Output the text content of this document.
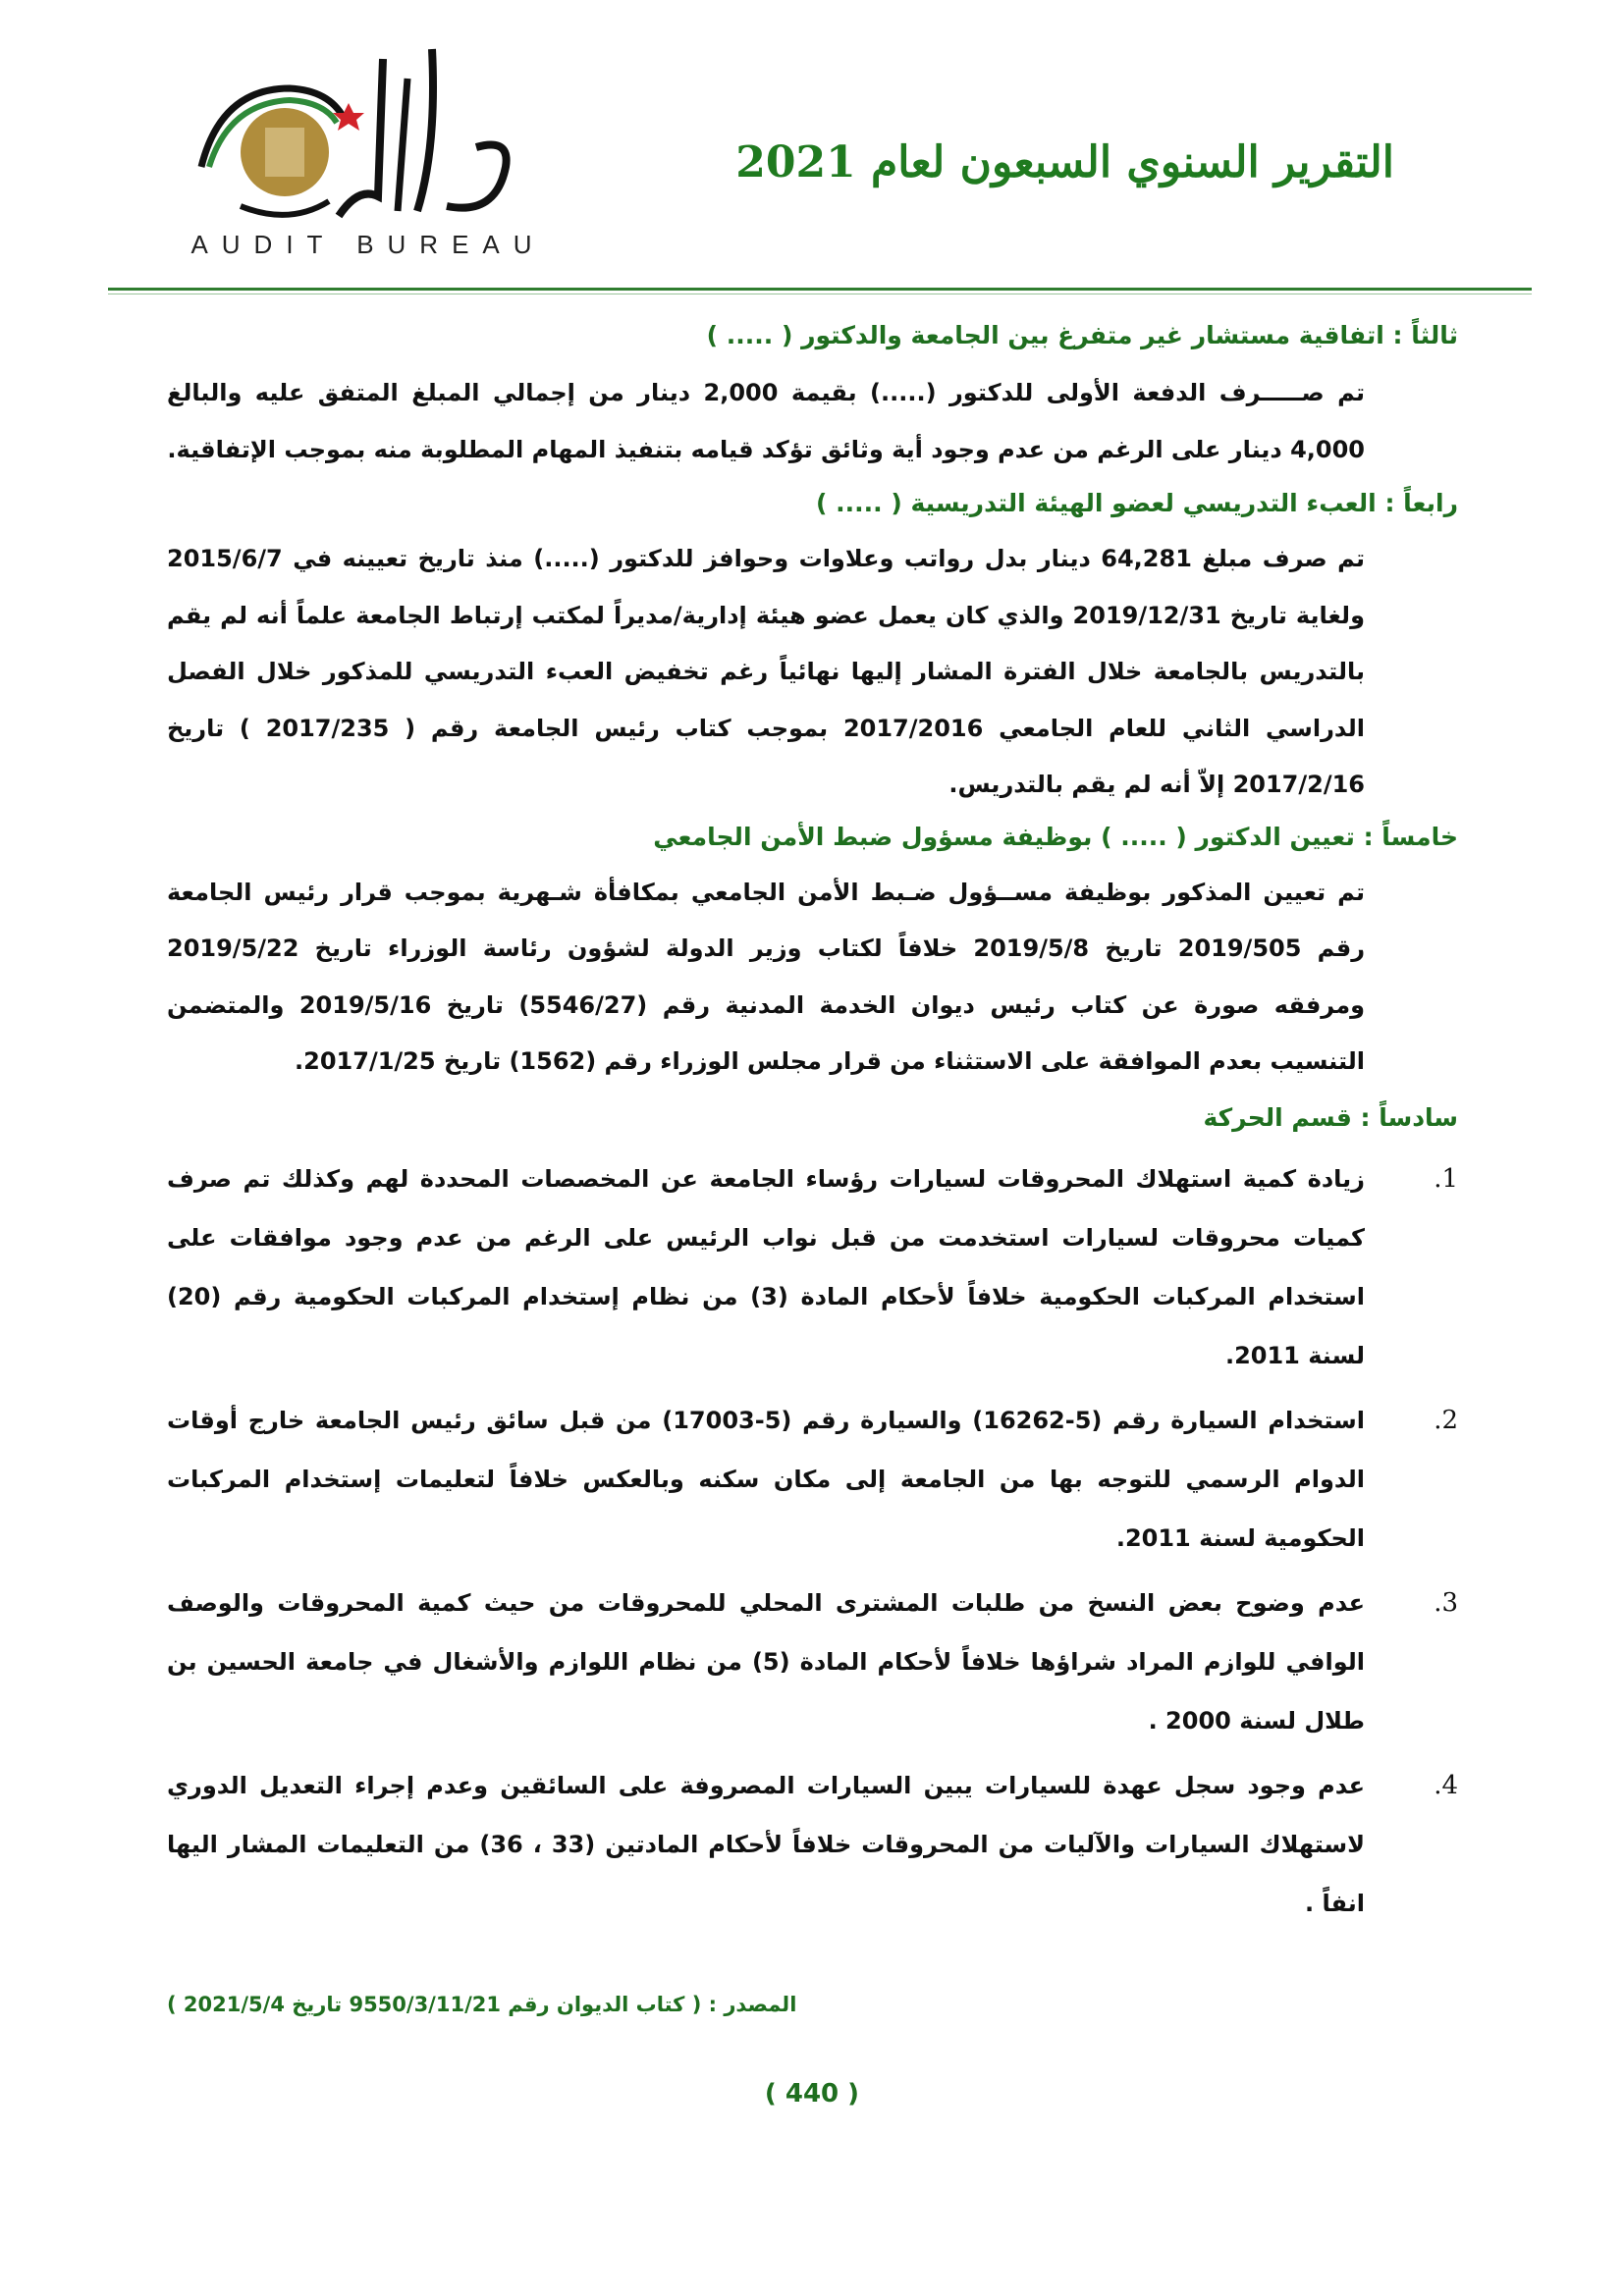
AUDIT BUREAU
التقرير السنوي السبعون لعام 2021
ثالثاً : اتفاقية مستشار غير متفرغ بين الجامعة والدكتور ( ..... )

تم صـــــرف الدفعة الأولى للدكتور (.....) بقيمة 2,000 دينار من إجمالي المبلغ المتفق عليه والبالغ 4,000 دينار على الرغم من عدم وجود أية وثائق تؤكد قيامه بتنفيذ المهام المطلوبة منه بموجب الإتفاقية.

رابعاً : العبء التدريسي لعضو الهيئة التدريسية ( ..... )

تم صرف مبلغ 64,281 دينار بدل رواتب وعلاوات وحوافز للدكتور (.....) منذ تاريخ تعيينه في 2015/6/7 ولغاية تاريخ 2019/12/31 والذي كان يعمل عضو هيئة إدارية/مديراً لمكتب إرتباط الجامعة علماً أنه لم يقم بالتدريس بالجامعة خلال الفترة المشار إليها نهائياً رغم تخفيض العبء التدريسي للمذكور خلال الفصل الدراسي الثاني للعام الجامعي 2017/2016 بموجب كتاب رئيس الجامعة رقم ( 2017/235 ) تاريخ 2017/2/16 إلاّ أنه لم يقم بالتدريس.

خامساً : تعيين الدكتور ( ..... ) بوظيفة مسؤول ضبط الأمن الجامعي

تم تعيين المذكور بوظيفة مســؤول ضـبط الأمن الجامعي بمكافأة شـهرية بموجب قرار رئيس الجامعة رقم 2019/505 تاريخ 2019/5/8 خلافاً لكتاب وزير الدولة لشؤون رئاسة الوزراء تاريخ 2019/5/22 ومرفقه صورة عن كتاب رئيس ديوان الخدمة المدنية رقم (5546/27) تاريخ 2019/5/16 والمتضمن التنسيب بعدم الموافقة على الاستثناء من قرار مجلس الوزراء رقم (1562) تاريخ 2017/1/25.

سادساً : قسم الحركة
1.
زيادة كمية استهلاك المحروقات لسيارات رؤساء الجامعة عن المخصصات المحددة لهم وكذلك تم صرف كميات محروقات لسيارات استخدمت من قبل نواب الرئيس على الرغم من عدم وجود موافقات على استخدام المركبات الحكومية خلافاً لأحكام المادة (3) من نظام إستخدام المركبات الحكومية رقم (20) لسنة 2011.
2.
استخدام السيارة رقم (5-16262) والسيارة رقم (5-17003) من قبل سائق رئيس الجامعة خارج أوقات الدوام الرسمي للتوجه بها من الجامعة إلى مكان سكنه وبالعكس خلافاً لتعليمات إستخدام المركبات الحكومية لسنة 2011.
3.
عدم وضوح بعض النسخ من طلبات المشترى المحلي للمحروقات من حيث كمية المحروقات والوصف الوافي للوازم المراد شراؤها خلافاً لأحكام المادة (5) من نظام اللوازم والأشغال في جامعة الحسين بن طلال لسنة 2000 .
4.
عدم وجود سجل عهدة للسيارات يبين السيارات المصروفة على السائقين وعدم إجراء التعديل الدوري لاستهلاك السيارات والآليات من المحروقات خلافاً لأحكام المادتين (33 ، 36) من التعليمات المشار اليها انفاً .
المصدر : ( كتاب الديوان رقم 9550/3/11/21 تاريخ 2021/5/4 )
( 440 )
